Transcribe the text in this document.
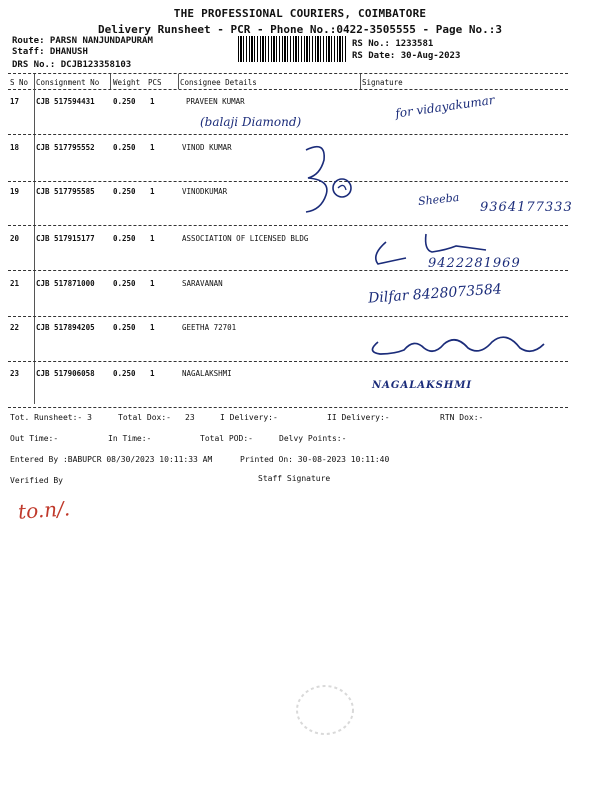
THE PROFESSIONAL COURIERS, COIMBATORE
Delivery Runsheet - PCR - Phone No.:0422-3505555 - Page No.:3
Route: PARSN NANJUNDAPURAM
Staff: DHANUSH
DRS No.: DCJB123358103
RS No.: 1233581
RS Date: 30-Aug-2023
S No Consignment No Weight PCS Consignee Details	Signature
17 CJB 517594431 0.250 1	PRAVEEN KUMAR
18 CJB 517795552 0.250 1	VINOD KUMAR
19 CJB 517795585 0.250 1	VINODKUMAR
20 CJB 517915177 0.250 1	ASSOCIATION OF LICENSED BLDG
21 CJB 517871000 0.250 1	SARAVANAN
22 CJB 517894205 0.250 1	GEETHA 72701
23 CJB 517906058 0.250 1	NAGALAKSHMI
(balaji Diamond)
for vidayakumar
Sheeba 9364177333
9422281969
Dilfar 8428073584
NAGALAKSHMI
Tot. Runsheet:- 3	Total Dox:- 23	I Delivery:-	II Delivery:-	RTN Dox:-
Out Time:-	In Time:-	Total POD:-	Delvy Points:-
Entered By :BABUPCR 08/30/2023 10:11:33 AM	Printed On: 30-08-2023 10:11:40
Verified By	Staff Signature
to.n/.
